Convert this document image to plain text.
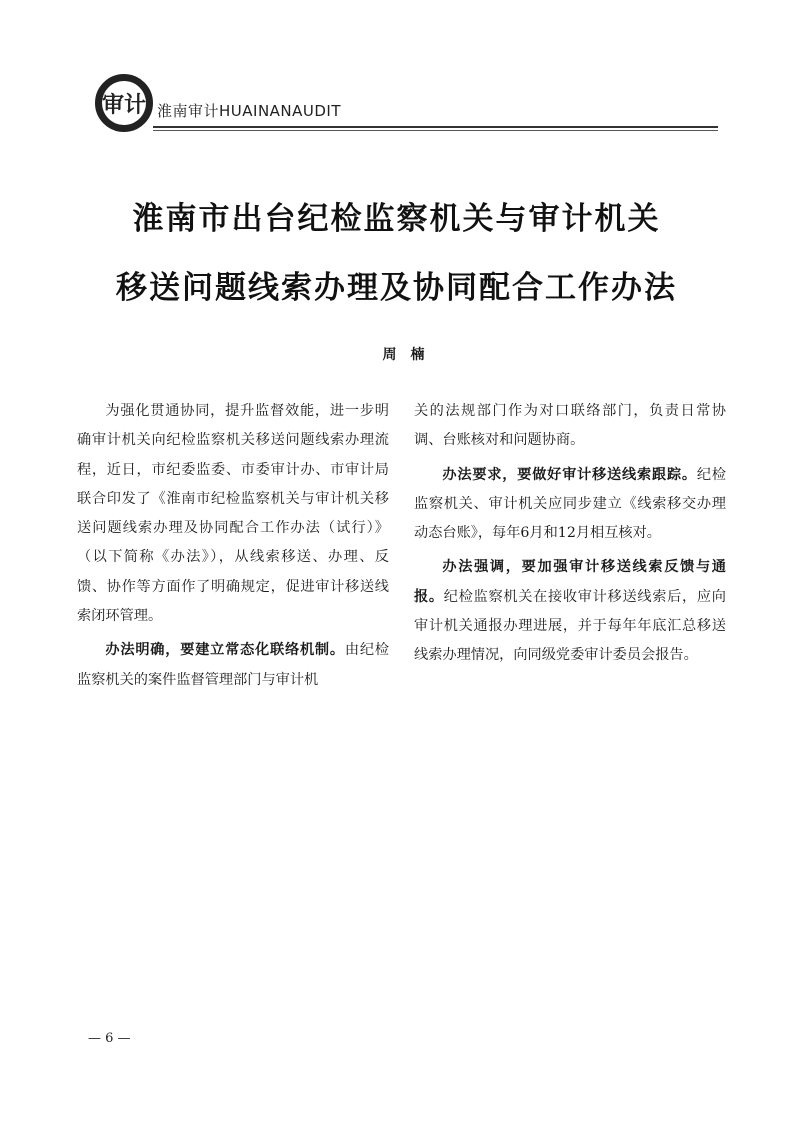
审计 淮南审计HUAINANAUDIT
淮南市出台纪检监察机关与审计机关
移送问题线索办理及协同配合工作办法
周楠

为强化贯通协同，提升监督效能，进一步明确审计机关向纪检监察机关移送问题线索办理流程，近日，市纪委监委、市委审计办、市审计局联合印发了《淮南市纪检监察机关与审计机关移送问题线索办理及协同配合工作办法（试行）》（以下简称《办法》），从线索移送、办理、反馈、协作等方面作了明确规定，促进审计移送线索闭环管理。

办法明确，要建立常态化联络机制。由纪检监察机关的案件监督管理部门与审计机

关的法规部门作为对口联络部门，负责日常协调、台账核对和问题协商。

办法要求，要做好审计移送线索跟踪。纪检监察机关、审计机关应同步建立《线索移交办理动态台账》，每年6月和12月相互核对。

办法强调，要加强审计移送线索反馈与通报。纪检监察机关在接收审计移送线索后，应向审计机关通报办理进展，并于每年年底汇总移送线索办理情况，向同级党委审计委员会报告。

— 6 —
